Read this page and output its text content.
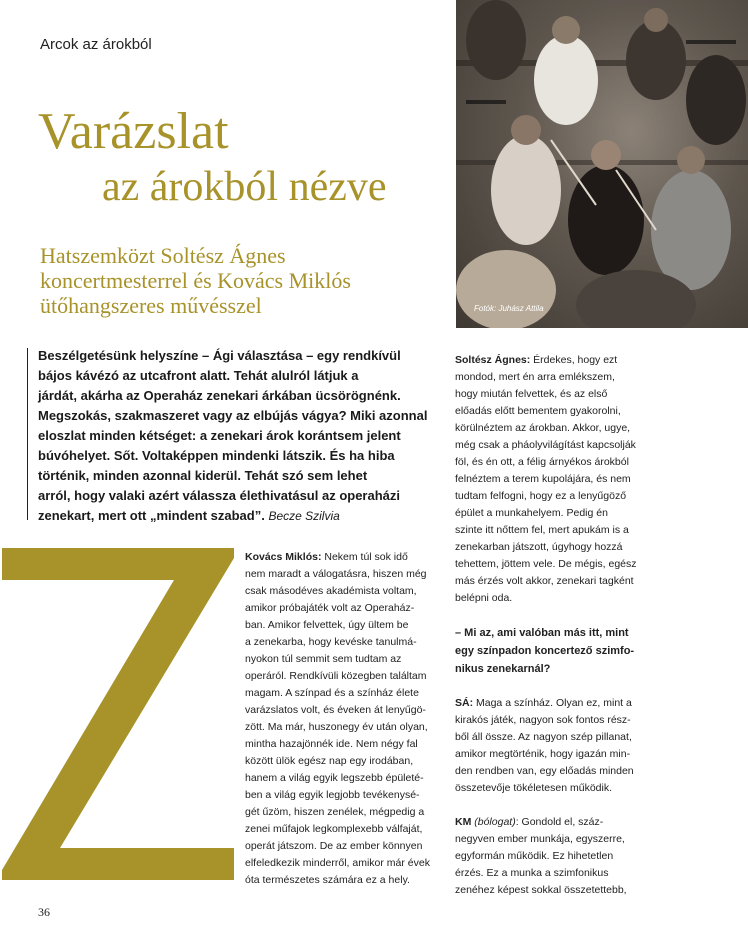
Arcok az árokból
Varázslat
az árokból nézve
Hatszemközt Soltész Ágnes
koncertmesterrel és Kovács Miklós
ütőhangszeres művésszel	Fotók: Juhász Attila
Beszélgetésünk helyszíne – Ági választása – egy rendkívül
bájos kávézó az utcafront alatt. Tehát alulról látjuk a
járdát, akárha az Operaház zenekari árkában ücsörögnénk.
Megszokás, szakmaszeret vagy az elbújás vágya? Miki azonnal
eloszlat minden kétséget: a zenekari árok korántsem jelent
búvóhelyet. Sőt. Voltaképpen mindenki látszik. És ha hiba
történik, minden azonnal kiderül. Tehát szó sem lehet
arról, hogy valaki azért válassza élethivatásul az operaházi
zenekart, mert ott „mindent szabad”. Becze Szilvia
Kovács Miklós: Nekem túl sok idő
nem maradt a válogatásra, hiszen még
csak másodéves akadémista voltam,
amikor próbajáték volt az Operaház-
ban. Amikor felvettek, úgy ültem be
a zenekarba, hogy kevéske tanulmá-
nyokon túl semmit sem tudtam az
operáról. Rendkívüli közegben találtam
magam. A színpad és a színház élete
varázslatos volt, és éveken át lenyűgö-
zött. Ma már, huszonegy év után olyan,
mintha hazajönnék ide. Nem négy fal
között ülök egész nap egy irodában,
hanem a világ egyik legszebb épületé-
ben a világ egyik legjobb tevékenysé-
gét űzöm, hiszen zenélek, mégpedig a
zenei műfajok legkomplexebb válfaját,
operát játszom. De az ember könnyen
elfeledkezik minderről, amikor már évek
óta természetes számára ez a hely.
Soltész Ágnes: Érdekes, hogy ezt
mondod, mert én arra emlékszem,
hogy miután felvettek, és az első
előadás előtt bementem gyakorolni,
körülnéztem az árokban. Akkor, ugye,
még csak a pháolyvilágítást kapcsolják
föl, és én ott, a félig árnyékos árokból
felnéztem a terem kupolájára, és nem
tudtam felfogni, hogy ez a lenyűgöző
épület a munkahelyem. Pedig én
szinte itt nőttem fel, mert apukám is a
zenekarban játszott, úgyhogy hozzá
tehettem, jöttem vele. De mégis, egész
más érzés volt akkor, zenekari tagként
belépni oda.
– Mi az, ami valóban más itt, mint
egy színpadon koncertező szimfo-
nikus zenekarnál?
SÁ: Maga a színház. Olyan ez, mint a
kirakós játék, nagyon sok fontos rész-
ből áll össze. Az nagyon szép pillanat,
amikor megtörténik, hogy igazán min-
den rendben van, egy előadás minden
összetevője tökéletesen működik.
KM (bólogat): Gondold el, száz-
negyven ember munkája, egyszerre,
egyformán működik. Ez hihetetlen
érzés. Ez a munka a szimfonikus
zenéhez képest sokkal összetettebb,
36
